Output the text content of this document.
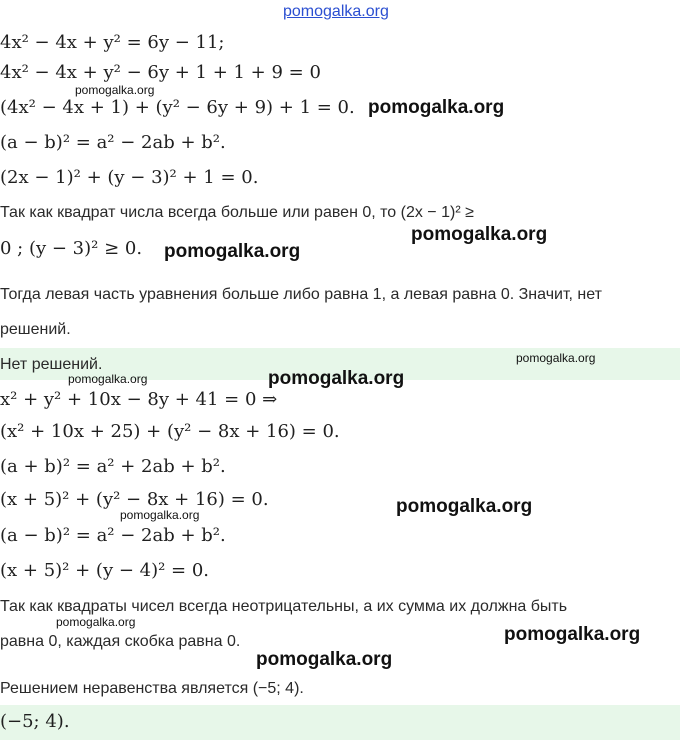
pomogalka.org
4x² − 4x + y² = 6y − 11;
4x² − 4x + y² − 6y + 1 + 1 + 9 = 0
(4x² − 4x + 1) + (y² − 6y + 9) + 1 = 0.
(a − b)² = a² − 2ab + b².
(2x − 1)² + (y − 3)² + 1 = 0.
Так как квадрат числа всегда больше или равен 0, то (2x − 1)² ≥
0 ; (y − 3)² ≥ 0.
Тогда левая часть уравнения больше либо равна 1, а левая равна 0. Значит, нет
решений.
Нет решений.
x² + y² + 10x − 8y + 41 = 0 ⇒
(x² + 10x + 25) + (y² − 8x + 16) = 0.
(a + b)² = a² + 2ab + b².
(x + 5)² + (y² − 8x + 16) = 0.
(a − b)² = a² − 2ab + b².
(x + 5)² + (y − 4)² = 0.
Так как квадраты чисел всегда неотрицательны, а их сумма их должна быть
равна 0, каждая скобка равна 0.
Решением неравенства является (−5; 4).
(−5; 4).
pomogalka.org
pomogalka.org
pomogalka.org
pomogalka.org
pomogalka.org
pomogalka.org	pomogalka.org
pomogalka.org
pomogalka.org
pomogalka.org
pomogalka.org
pomogalka.org
